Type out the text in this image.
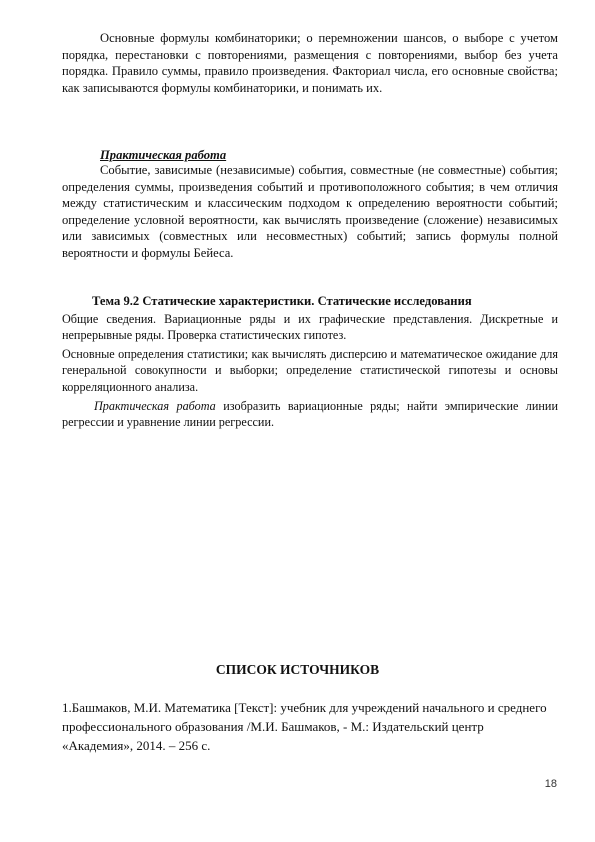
Основные формулы комбинаторики; о перемножении шансов, о выборе с учетом порядка, перестановки с повторениями, размещения с повторениями, выбор без учета порядка. Правило суммы, правило произведения. Факториал числа, его основные свойства; как записываются формулы комбинаторики, и понимать их.
Практическая работа
Событие, зависимые (независимые) события, совместные (не совместные) события; определения суммы, произведения событий и противоположного события; в чем отличия между статистическим и классическим подходом к определению вероятности событий; определение условной вероятности, как вычислять произведение (сложение) независимых или зависимых (совместных или несовместных) событий; запись формулы полной вероятности и формулы Бейеса.
Тема 9.2 Статические характеристики. Статические исследования
Общие сведения. Вариационные ряды и их графические представления. Дискретные и непрерывные ряды. Проверка статистических гипотез.
Основные определения статистики; как вычислять дисперсию и математическое ожидание для генеральной совокупности и выборки; определение статистической гипотезы и основы корреляционного анализа.
Практическая работа изобразить вариационные ряды; найти эмпирические линии регрессии и уравнение линии регрессии.
СПИСОК ИСТОЧНИКОВ
1.Башмаков, М.И. Математика [Текст]: учебник для учреждений начального и среднего профессионального образования /М.И. Башмаков, - М.: Издательский центр «Академия», 2014. – 256 с.
18
